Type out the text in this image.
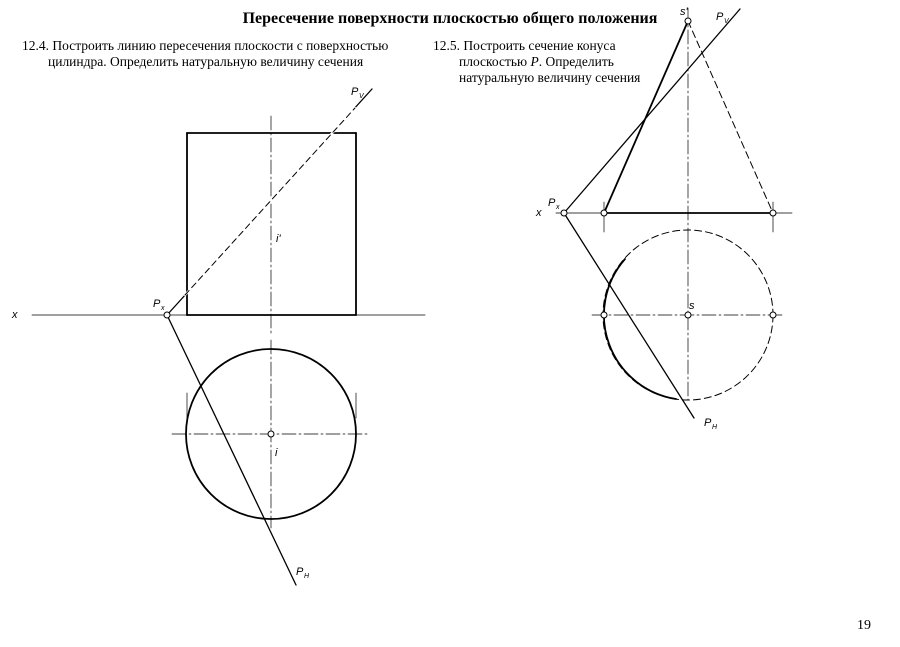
Пересечение поверхности плоскостью общего положения
12.4. Построить линию пересечения плоскости с поверхностью
цилиндра. Определить натуральную величину сечения
12.5. Построить сечение конуса
плоскостью P. Определить
натуральную величину сечения
x
P x
P V
P H
i'
i
x
P x
P V
P H
s'
s
19
